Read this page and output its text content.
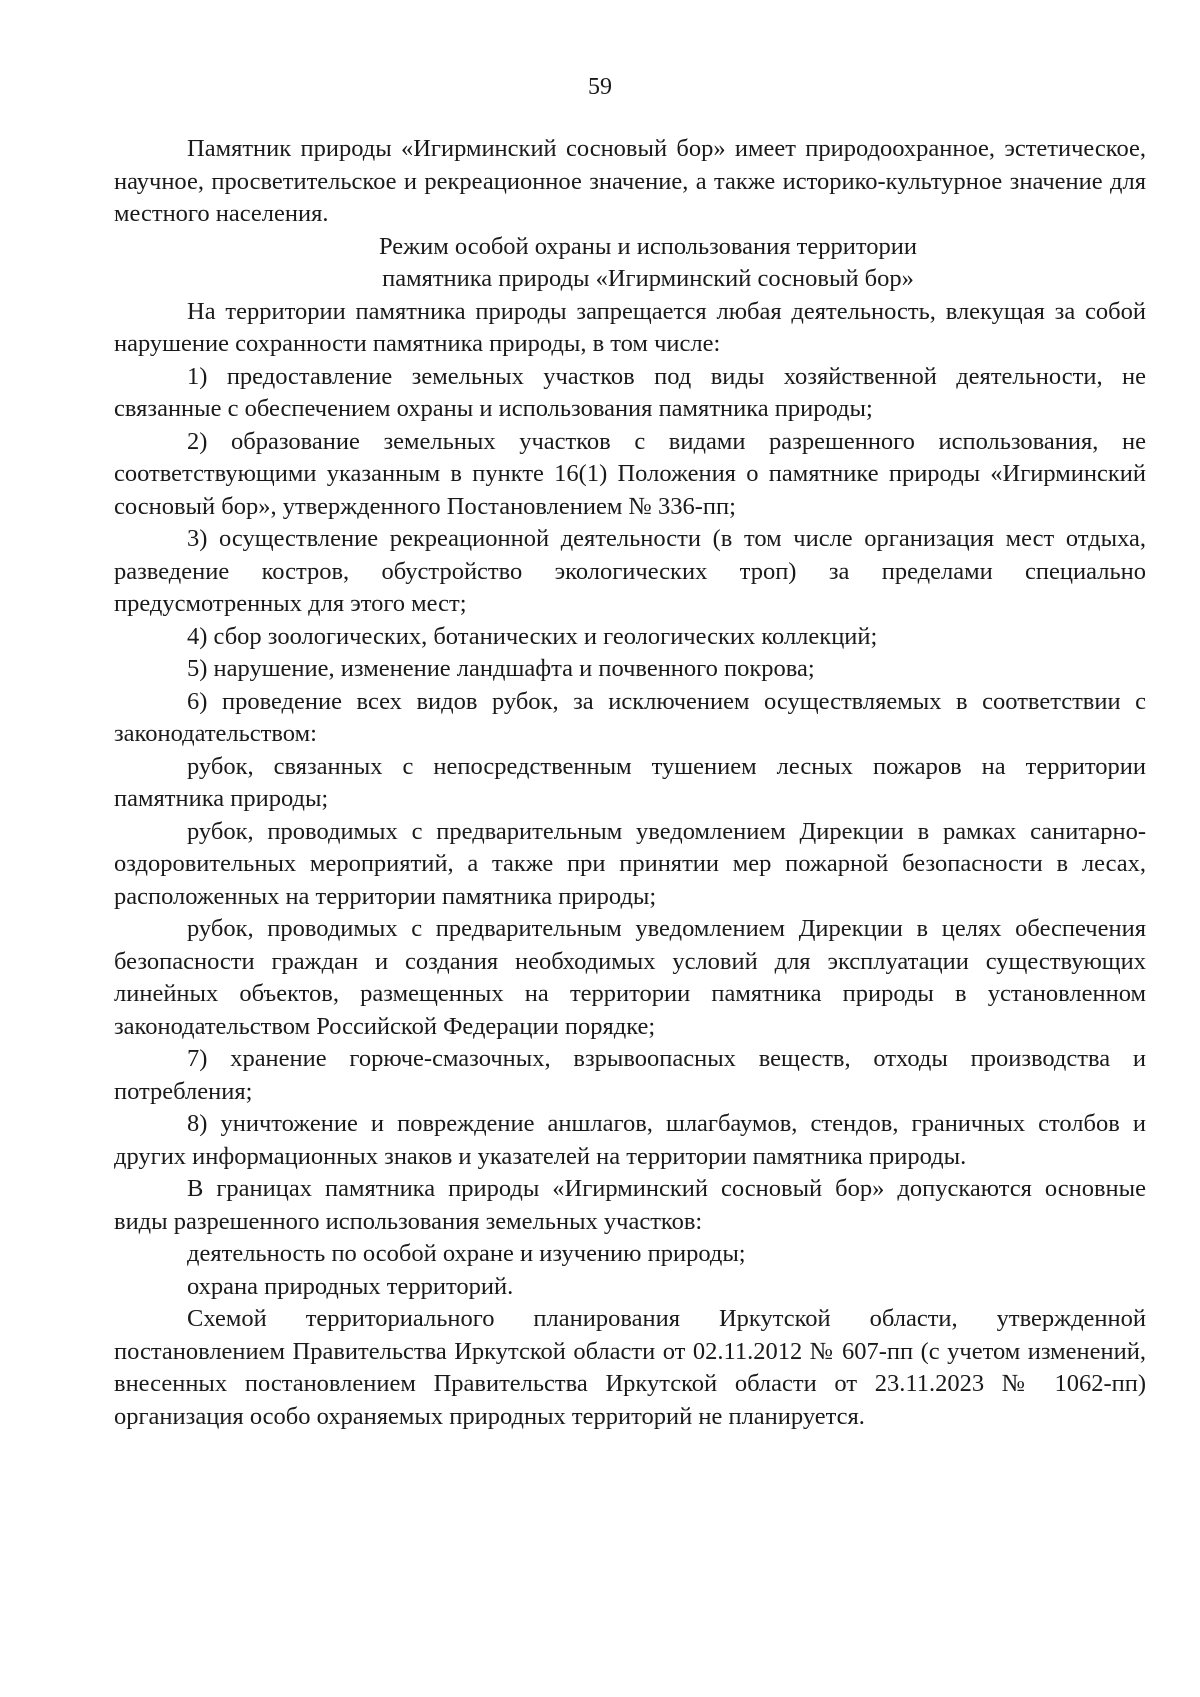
59

Памятник природы «Игирминский сосновый бор» имеет природоохранное, эстетическое, научное, просветительское и рекреационное значение, а также историко-культурное значение для местного населения.

Режим особой охраны и использования территории

памятника природы «Игирминский сосновый бор»

На территории памятника природы запрещается любая деятельность, влекущая за собой нарушение сохранности памятника природы, в том числе:

1) предоставление земельных участков под виды хозяйственной деятельности, не связанные с обеспечением охраны и использования памятника природы;

2) образование земельных участков с видами разрешенного использования, не соответствующими указанным в пункте 16(1) Положения о памятнике природы «Игирминский сосновый бор», утвержденного Постановлением № 336-пп;

3) осуществление рекреационной деятельности (в том числе организация мест отдыха, разведение костров, обустройство экологических троп) за пределами специально предусмотренных для этого мест;

4) сбор зоологических, ботанических и геологических коллекций;

5) нарушение, изменение ландшафта и почвенного покрова;

6) проведение всех видов рубок, за исключением осуществляемых в соответствии с законодательством:

рубок, связанных с непосредственным тушением лесных пожаров на территории памятника природы;

рубок, проводимых с предварительным уведомлением Дирекции в рамках санитарно-оздоровительных мероприятий, а также при принятии мер пожарной безопасности в лесах, расположенных на территории памятника природы;

рубок, проводимых с предварительным уведомлением Дирекции в целях обеспечения безопасности граждан и создания необходимых условий для эксплуатации существующих линейных объектов, размещенных на территории памятника природы в установленном законодательством Российской Федерации порядке;

7) хранение горюче-смазочных, взрывоопасных веществ, отходы производства и потребления;

8) уничтожение и повреждение аншлагов, шлагбаумов, стендов, граничных столбов и других информационных знаков и указателей на территории памятника природы.

В границах памятника природы «Игирминский сосновый бор» допускаются основные виды разрешенного использования земельных участков:

деятельность по особой охране и изучению природы;

охрана природных территорий.

Схемой территориального планирования Иркутской области, утвержденной постановлением Правительства Иркутской области от 02.11.2012 № 607-пп (с учетом изменений, внесенных постановлением Правительства Иркутской области от 23.11.2023 № 1062-пп) организация особо охраняемых природных территорий не планируется.
